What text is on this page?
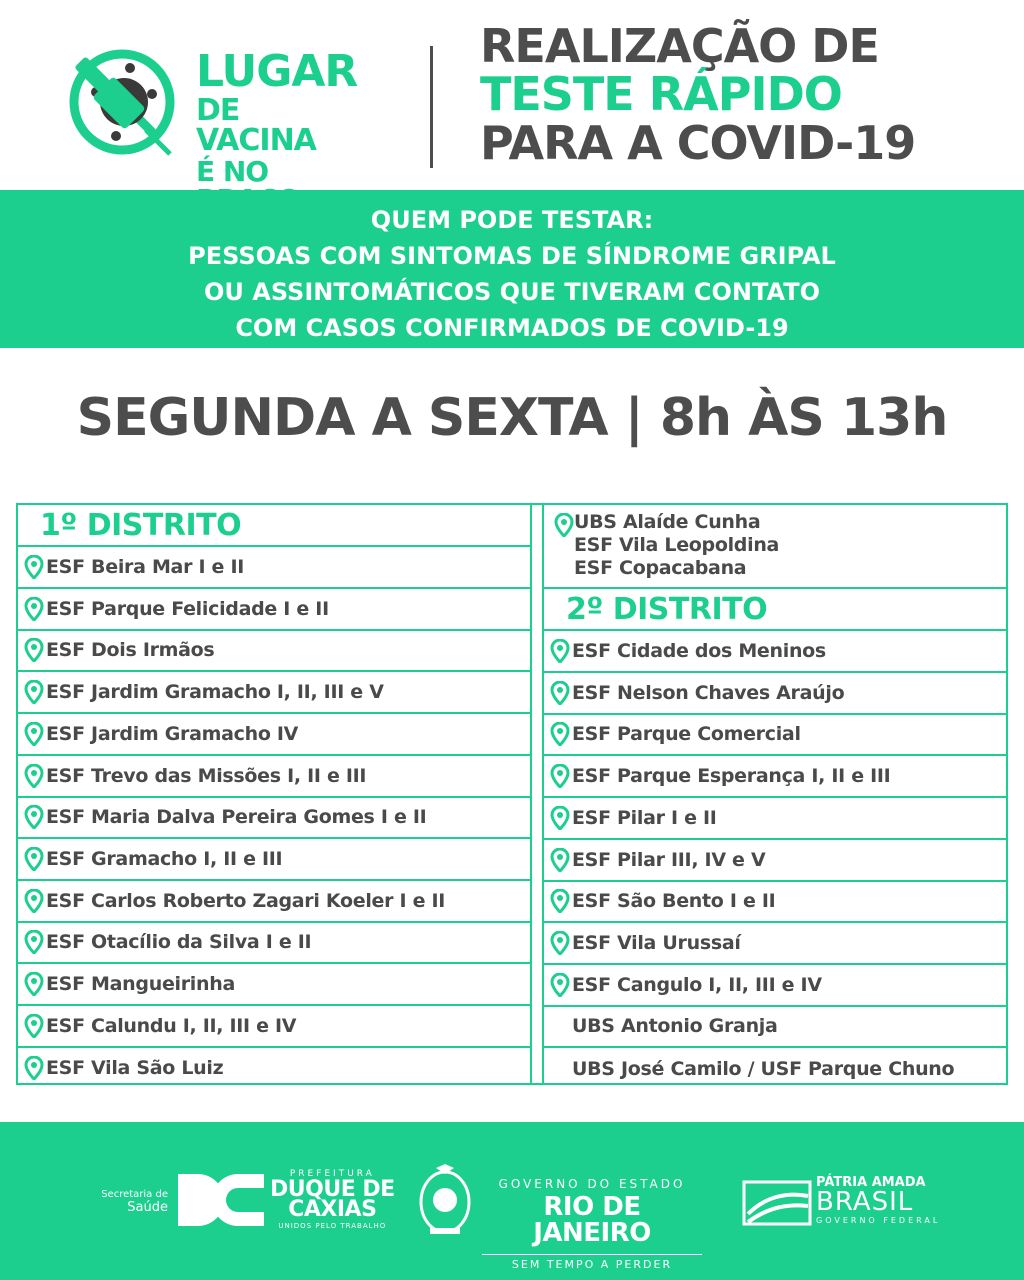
LUGAR
DE VACINA
É NO
REALIZAÇÃO DE
TESTE RÁPIDO
PARA A COVID-19
QUEM PODE TESTAR:
PESSOAS COM SINTOMAS DE SÍNDROME GRIPAL
OU ASSINTOMÁTICOS QUE TIVERAM CONTATO
COM CASOS CONFIRMADOS DE COVID-19
SEGUNDA A SEXTA | 8h ÀS 13h
1º DISTRITO
ESF Beira Mar I e II
ESF Parque Felicidade I e II
ESF Dois Irmãos
ESF Jardim Gramacho I, II, III e V
ESF Jardim Gramacho IV
ESF Trevo das Missões I, II e III
ESF Maria Dalva Pereira Gomes I e II
ESF Gramacho I, II e III
ESF Carlos Roberto Zagari Koeler I e II
ESF Otacílio da Silva I e II
ESF Mangueirinha
ESF Calundu I, II, III e IV
ESF Vila São Luiz
UBS Alaíde Cunha
ESF Vila Leopoldina
ESF Copacabana
2º DISTRITO
ESF Cidade dos Meninos
ESF Nelson Chaves Araújo
ESF Parque Comercial
ESF Parque Esperança I, II e III
ESF Pilar I e II
ESF Pilar III, IV e V
ESF São Bento I e II
ESF Vila Urussaí
ESF Cangulo I, II, III e IV
UBS Antonio Granja
UBS José Camilo / USF Parque Chuno
Secretaria de
Saúde
PREFEITURA
DUQUE DE
CAXIAS
UNIDOS PELO TRABALHO
GOVERNO DO ESTADO
RIO DE JANEIRO
SEM TEMPO A PERDER
PÁTRIA AMADA
BRASIL
GOVERNO FEDERAL
